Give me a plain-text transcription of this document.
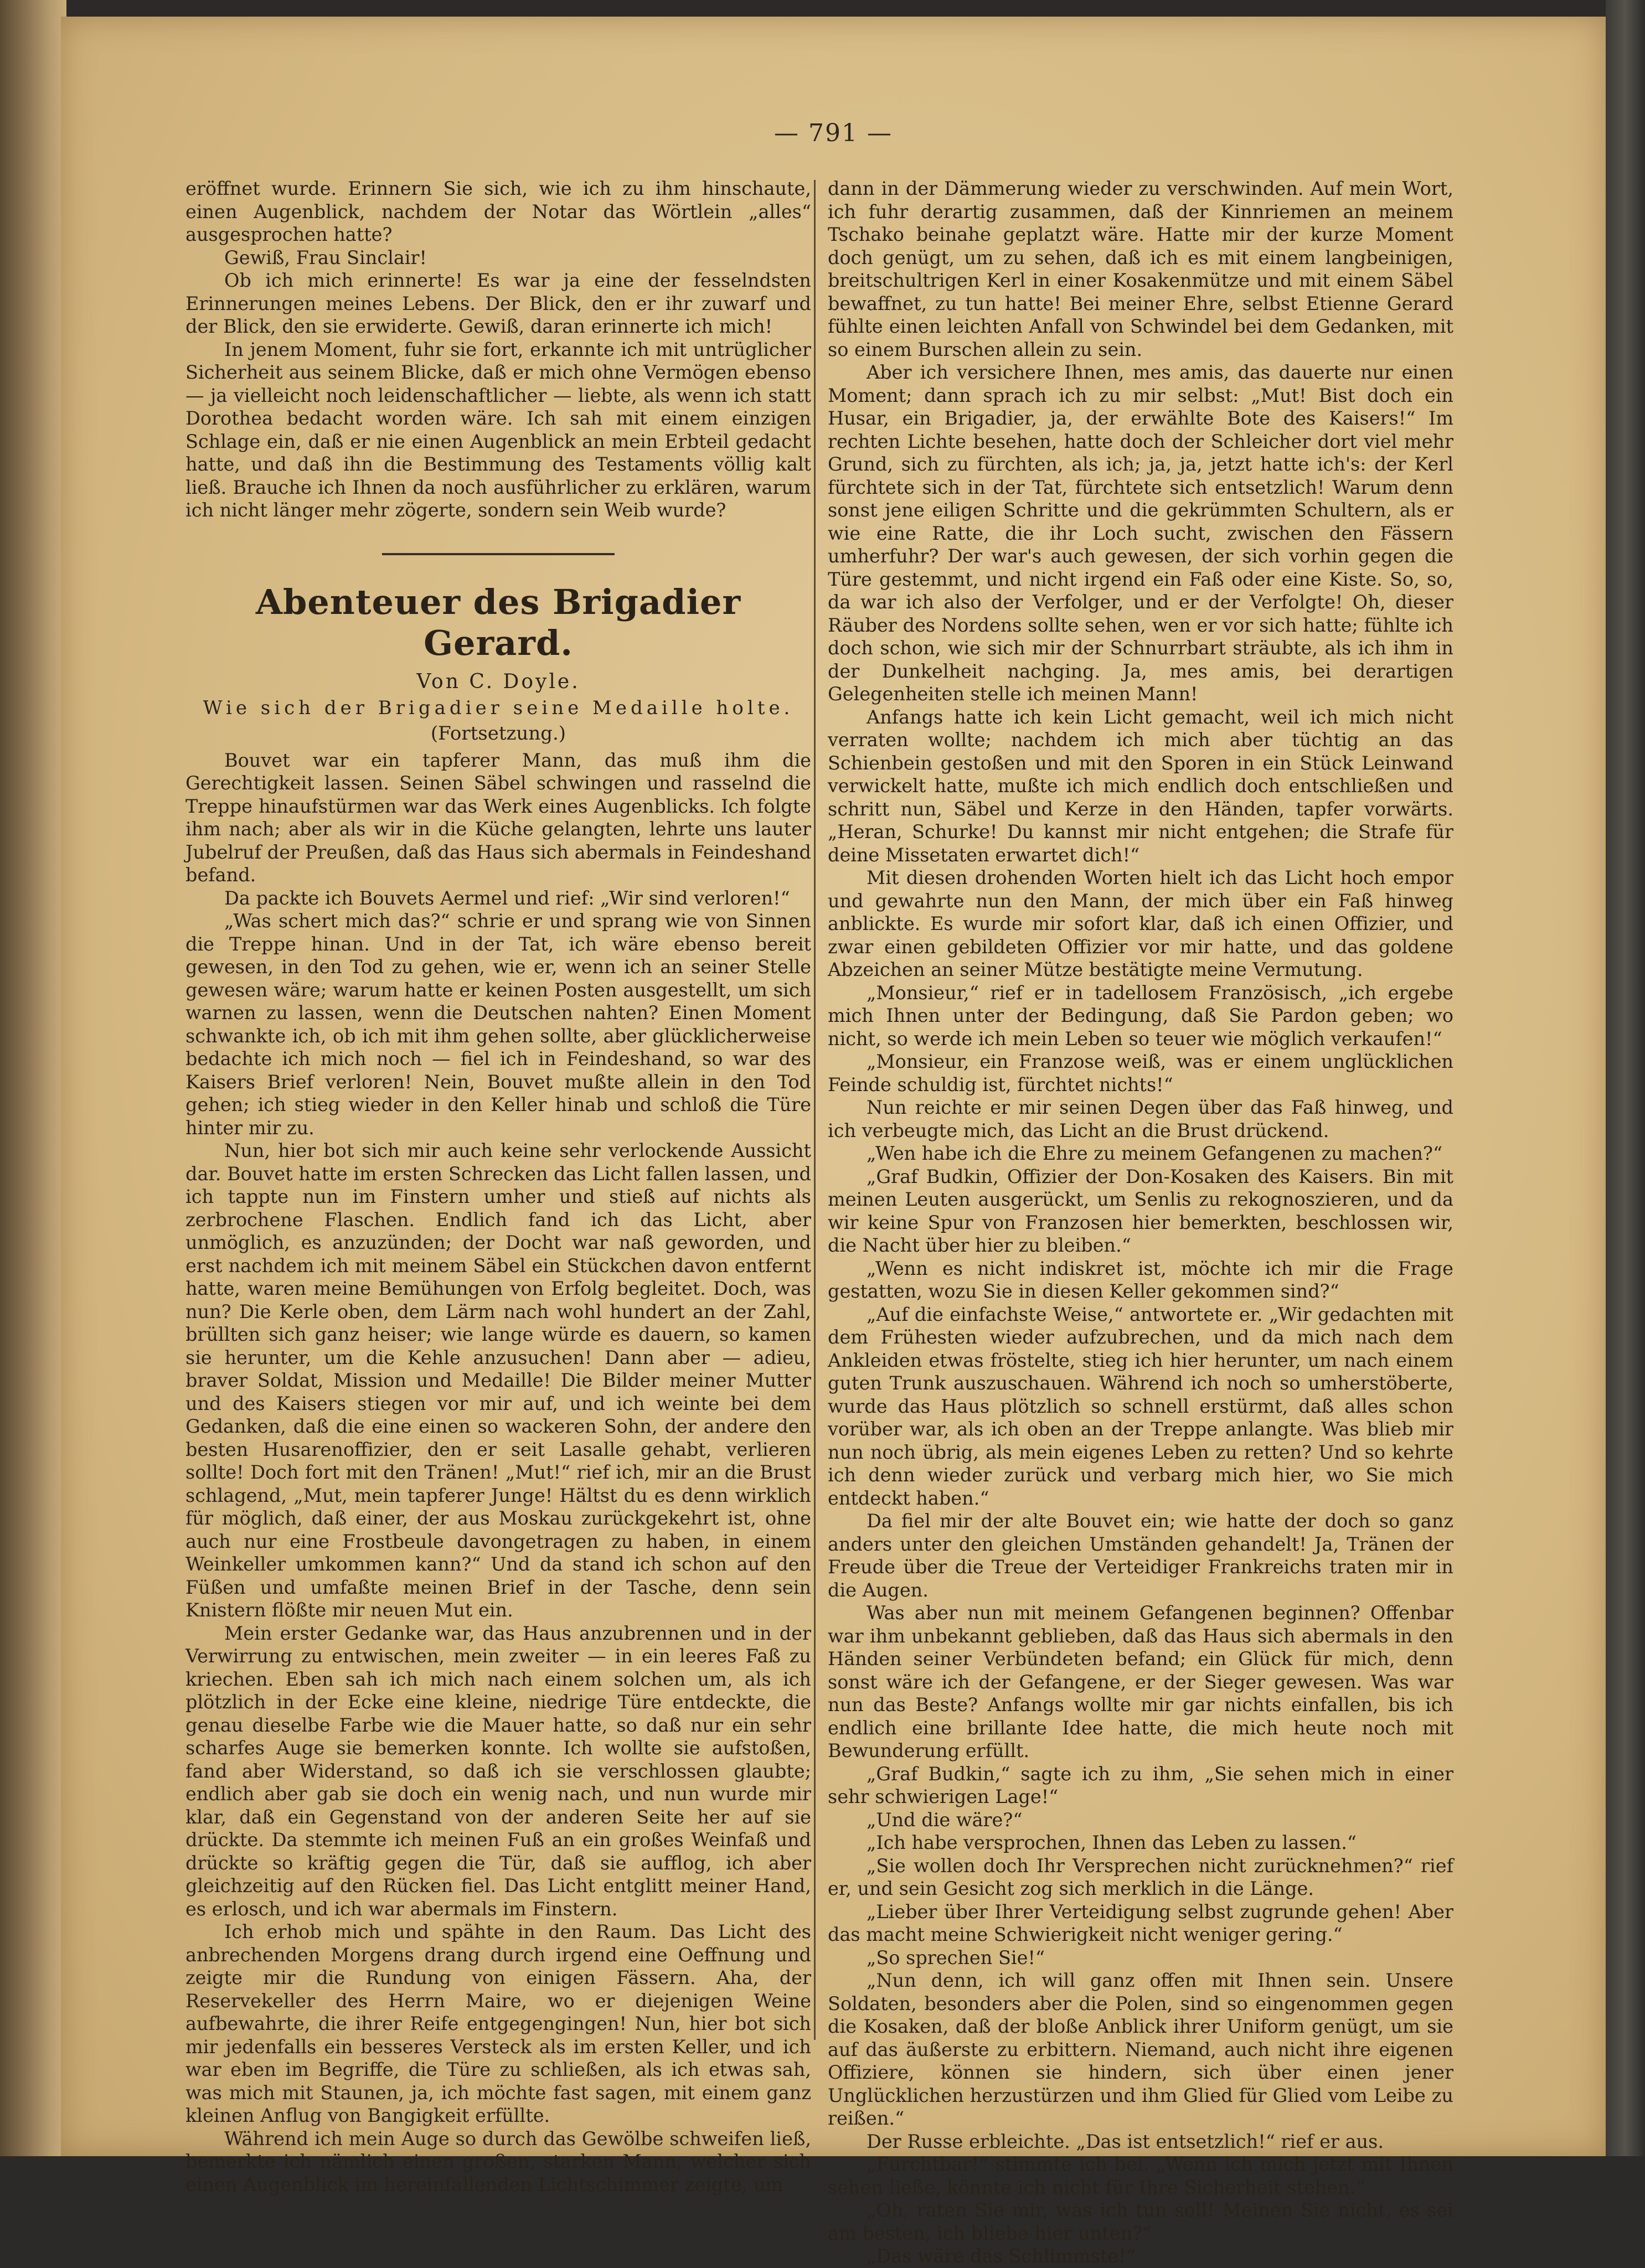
— 791 —

eröffnet wurde. Erinnern Sie sich, wie ich zu ihm hinschaute, einen Augenblick, nachdem der Notar das Wörtlein „alles“ ausgesprochen hatte?

Gewiß, Frau Sinclair!

Ob ich mich erinnerte! Es war ja eine der fesselndsten Erinnerungen meines Lebens. Der Blick, den er ihr zuwarf und der Blick, den sie erwiderte. Gewiß, daran erinnerte ich mich!

In jenem Moment, fuhr sie fort, erkannte ich mit untrüglicher Sicherheit aus seinem Blicke, daß er mich ohne Vermögen ebenso — ja vielleicht noch leidenschaftlicher — liebte, als wenn ich statt Dorothea bedacht worden wäre. Ich sah mit einem einzigen Schlage ein, daß er nie einen Augenblick an mein Erbteil gedacht hatte, und daß ihn die Bestimmung des Testaments völlig kalt ließ. Brauche ich Ihnen da noch ausführlicher zu erklären, warum ich nicht länger mehr zögerte, sondern sein Weib wurde?

Abenteuer des Brigadier Gerard.
Von C. Doyle.
Wie sich der Brigadier seine Medaille holte.
(Fortsetzung.)

Bouvet war ein tapferer Mann, das muß ihm die Gerechtigkeit lassen. Seinen Säbel schwingen und rasselnd die Treppe hinaufstürmen war das Werk eines Augenblicks. Ich folgte ihm nach; aber als wir in die Küche gelangten, lehrte uns lauter Jubelruf der Preußen, daß das Haus sich abermals in Feindeshand befand.

Da packte ich Bouvets Aermel und rief: „Wir sind verloren!“

„Was schert mich das?“ schrie er und sprang wie von Sinnen die Treppe hinan. Und in der Tat, ich wäre ebenso bereit gewesen, in den Tod zu gehen, wie er, wenn ich an seiner Stelle gewesen wäre; warum hatte er keinen Posten ausgestellt, um sich warnen zu lassen, wenn die Deutschen nahten? Einen Moment schwankte ich, ob ich mit ihm gehen sollte, aber glücklicherweise bedachte ich mich noch — fiel ich in Feindeshand, so war des Kaisers Brief verloren! Nein, Bouvet mußte allein in den Tod gehen; ich stieg wieder in den Keller hinab und schloß die Türe hinter mir zu.

Nun, hier bot sich mir auch keine sehr verlockende Aussicht dar. Bouvet hatte im ersten Schrecken das Licht fallen lassen, und ich tappte nun im Finstern umher und stieß auf nichts als zerbrochene Flaschen. Endlich fand ich das Licht, aber unmöglich, es anzuzünden; der Docht war naß geworden, und erst nachdem ich mit meinem Säbel ein Stückchen davon entfernt hatte, waren meine Bemühungen von Erfolg begleitet. Doch, was nun? Die Kerle oben, dem Lärm nach wohl hundert an der Zahl, brüllten sich ganz heiser; wie lange würde es dauern, so kamen sie herunter, um die Kehle anzusuchen! Dann aber — adieu, braver Soldat, Mission und Medaille! Die Bilder meiner Mutter und des Kaisers stiegen vor mir auf, und ich weinte bei dem Gedanken, daß die eine einen so wackeren Sohn, der andere den besten Husarenoffizier, den er seit Lasalle gehabt, verlieren sollte! Doch fort mit den Tränen! „Mut!“ rief ich, mir an die Brust schlagend, „Mut, mein tapferer Junge! Hältst du es denn wirklich für möglich, daß einer, der aus Moskau zurückgekehrt ist, ohne auch nur eine Frostbeule davongetragen zu haben, in einem Weinkeller umkommen kann?“ Und da stand ich schon auf den Füßen und umfaßte meinen Brief in der Tasche, denn sein Knistern flößte mir neuen Mut ein.

Mein erster Gedanke war, das Haus anzubrennen und in der Verwirrung zu entwischen, mein zweiter — in ein leeres Faß zu kriechen. Eben sah ich mich nach einem solchen um, als ich plötzlich in der Ecke eine kleine, niedrige Türe entdeckte, die genau dieselbe Farbe wie die Mauer hatte, so daß nur ein sehr scharfes Auge sie bemerken konnte. Ich wollte sie aufstoßen, fand aber Widerstand, so daß ich sie verschlossen glaubte; endlich aber gab sie doch ein wenig nach, und nun wurde mir klar, daß ein Gegenstand von der anderen Seite her auf sie drückte. Da stemmte ich meinen Fuß an ein großes Weinfaß und drückte so kräftig gegen die Tür, daß sie aufflog, ich aber gleichzeitig auf den Rücken fiel. Das Licht entglitt meiner Hand, es erlosch, und ich war abermals im Finstern.

Ich erhob mich und spähte in den Raum. Das Licht des anbrechenden Morgens drang durch irgend eine Oeffnung und zeigte mir die Rundung von einigen Fässern. Aha, der Reservekeller des Herrn Maire, wo er diejenigen Weine aufbewahrte, die ihrer Reife entgegengingen! Nun, hier bot sich mir jedenfalls ein besseres Versteck als im ersten Keller, und ich war eben im Begriffe, die Türe zu schließen, als ich etwas sah, was mich mit Staunen, ja, ich möchte fast sagen, mit einem ganz kleinen Anflug von Bangigkeit erfüllte.

Während ich mein Auge so durch das Gewölbe schweifen ließ, bemerkte ich nämlich einen großen, starken Mann, welcher sich einen Augenblick im hereinfallenden Lichtschimmer zeigte, um

dann in der Dämmerung wieder zu verschwinden. Auf mein Wort, ich fuhr derartig zusammen, daß der Kinnriemen an meinem Tschako beinahe geplatzt wäre. Hatte mir der kurze Moment doch genügt, um zu sehen, daß ich es mit einem langbeinigen, breitschultrigen Kerl in einer Kosakenmütze und mit einem Säbel bewaffnet, zu tun hatte! Bei meiner Ehre, selbst Etienne Gerard fühlte einen leichten Anfall von Schwindel bei dem Gedanken, mit so einem Burschen allein zu sein.

Aber ich versichere Ihnen, mes amis, das dauerte nur einen Moment; dann sprach ich zu mir selbst: „Mut! Bist doch ein Husar, ein Brigadier, ja, der erwählte Bote des Kaisers!“ Im rechten Lichte besehen, hatte doch der Schleicher dort viel mehr Grund, sich zu fürchten, als ich; ja, ja, jetzt hatte ich's: der Kerl fürchtete sich in der Tat, fürchtete sich entsetzlich! Warum denn sonst jene eiligen Schritte und die gekrümmten Schultern, als er wie eine Ratte, die ihr Loch sucht, zwischen den Fässern umherfuhr? Der war's auch gewesen, der sich vorhin gegen die Türe gestemmt, und nicht irgend ein Faß oder eine Kiste. So, so, da war ich also der Verfolger, und er der Verfolgte! Oh, dieser Räuber des Nordens sollte sehen, wen er vor sich hatte; fühlte ich doch schon, wie sich mir der Schnurrbart sträubte, als ich ihm in der Dunkelheit nachging. Ja, mes amis, bei derartigen Gelegenheiten stelle ich meinen Mann!

Anfangs hatte ich kein Licht gemacht, weil ich mich nicht verraten wollte; nachdem ich mich aber tüchtig an das Schienbein gestoßen und mit den Sporen in ein Stück Leinwand verwickelt hatte, mußte ich mich endlich doch entschließen und schritt nun, Säbel und Kerze in den Händen, tapfer vorwärts. „Heran, Schurke! Du kannst mir nicht entgehen; die Strafe für deine Missetaten erwartet dich!“

Mit diesen drohenden Worten hielt ich das Licht hoch empor und gewahrte nun den Mann, der mich über ein Faß hinweg anblickte. Es wurde mir sofort klar, daß ich einen Offizier, und zwar einen gebildeten Offizier vor mir hatte, und das goldene Abzeichen an seiner Mütze bestätigte meine Vermutung.

„Monsieur,“ rief er in tadellosem Französisch, „ich ergebe mich Ihnen unter der Bedingung, daß Sie Pardon geben; wo nicht, so werde ich mein Leben so teuer wie möglich verkaufen!“

„Monsieur, ein Franzose weiß, was er einem unglücklichen Feinde schuldig ist, fürchtet nichts!“

Nun reichte er mir seinen Degen über das Faß hinweg, und ich verbeugte mich, das Licht an die Brust drückend.

„Wen habe ich die Ehre zu meinem Gefangenen zu machen?“

„Graf Budkin, Offizier der Don-Kosaken des Kaisers. Bin mit meinen Leuten ausgerückt, um Senlis zu rekognoszieren, und da wir keine Spur von Franzosen hier bemerkten, beschlossen wir, die Nacht über hier zu bleiben.“

„Wenn es nicht indiskret ist, möchte ich mir die Frage gestatten, wozu Sie in diesen Keller gekommen sind?“

„Auf die einfachste Weise,“ antwortete er. „Wir gedachten mit dem Frühesten wieder aufzubrechen, und da mich nach dem Ankleiden etwas fröstelte, stieg ich hier herunter, um nach einem guten Trunk auszuschauen. Während ich noch so umherstöberte, wurde das Haus plötzlich so schnell erstürmt, daß alles schon vorüber war, als ich oben an der Treppe anlangte. Was blieb mir nun noch übrig, als mein eigenes Leben zu retten? Und so kehrte ich denn wieder zurück und verbarg mich hier, wo Sie mich entdeckt haben.“

Da fiel mir der alte Bouvet ein; wie hatte der doch so ganz anders unter den gleichen Umständen gehandelt! Ja, Tränen der Freude über die Treue der Verteidiger Frankreichs traten mir in die Augen.

Was aber nun mit meinem Gefangenen beginnen? Offenbar war ihm unbekannt geblieben, daß das Haus sich abermals in den Händen seiner Verbündeten befand; ein Glück für mich, denn sonst wäre ich der Gefangene, er der Sieger gewesen. Was war nun das Beste? Anfangs wollte mir gar nichts einfallen, bis ich endlich eine brillante Idee hatte, die mich heute noch mit Bewunderung erfüllt.

„Graf Budkin,“ sagte ich zu ihm, „Sie sehen mich in einer sehr schwierigen Lage!“

„Und die wäre?“

„Ich habe versprochen, Ihnen das Leben zu lassen.“

„Sie wollen doch Ihr Versprechen nicht zurücknehmen?“ rief er, und sein Gesicht zog sich merklich in die Länge.

„Lieber über Ihrer Verteidigung selbst zugrunde gehen! Aber das macht meine Schwierigkeit nicht weniger gering.“

„So sprechen Sie!“

„Nun denn, ich will ganz offen mit Ihnen sein. Unsere Soldaten, besonders aber die Polen, sind so eingenommen gegen die Kosaken, daß der bloße Anblick ihrer Uniform genügt, um sie auf das äußerste zu erbittern. Niemand, auch nicht ihre eigenen Offiziere, können sie hindern, sich über einen jener Unglücklichen herzustürzen und ihm Glied für Glied vom Leibe zu reißen.“

Der Russe erbleichte. „Das ist entsetzlich!“ rief er aus.

„Furchtbar!“ stimmte ich bei. „Wenn ich mich jetzt mit Ihnen sehen ließe, könnte ich nicht für Ihre Sicherheit stehen.“

„Oh, raten Sie mir, was ich tun soll! Meinen Sie nicht, es sei am besten, ich bliebe hier unten?“

„Das wäre das Schlimmste!“
